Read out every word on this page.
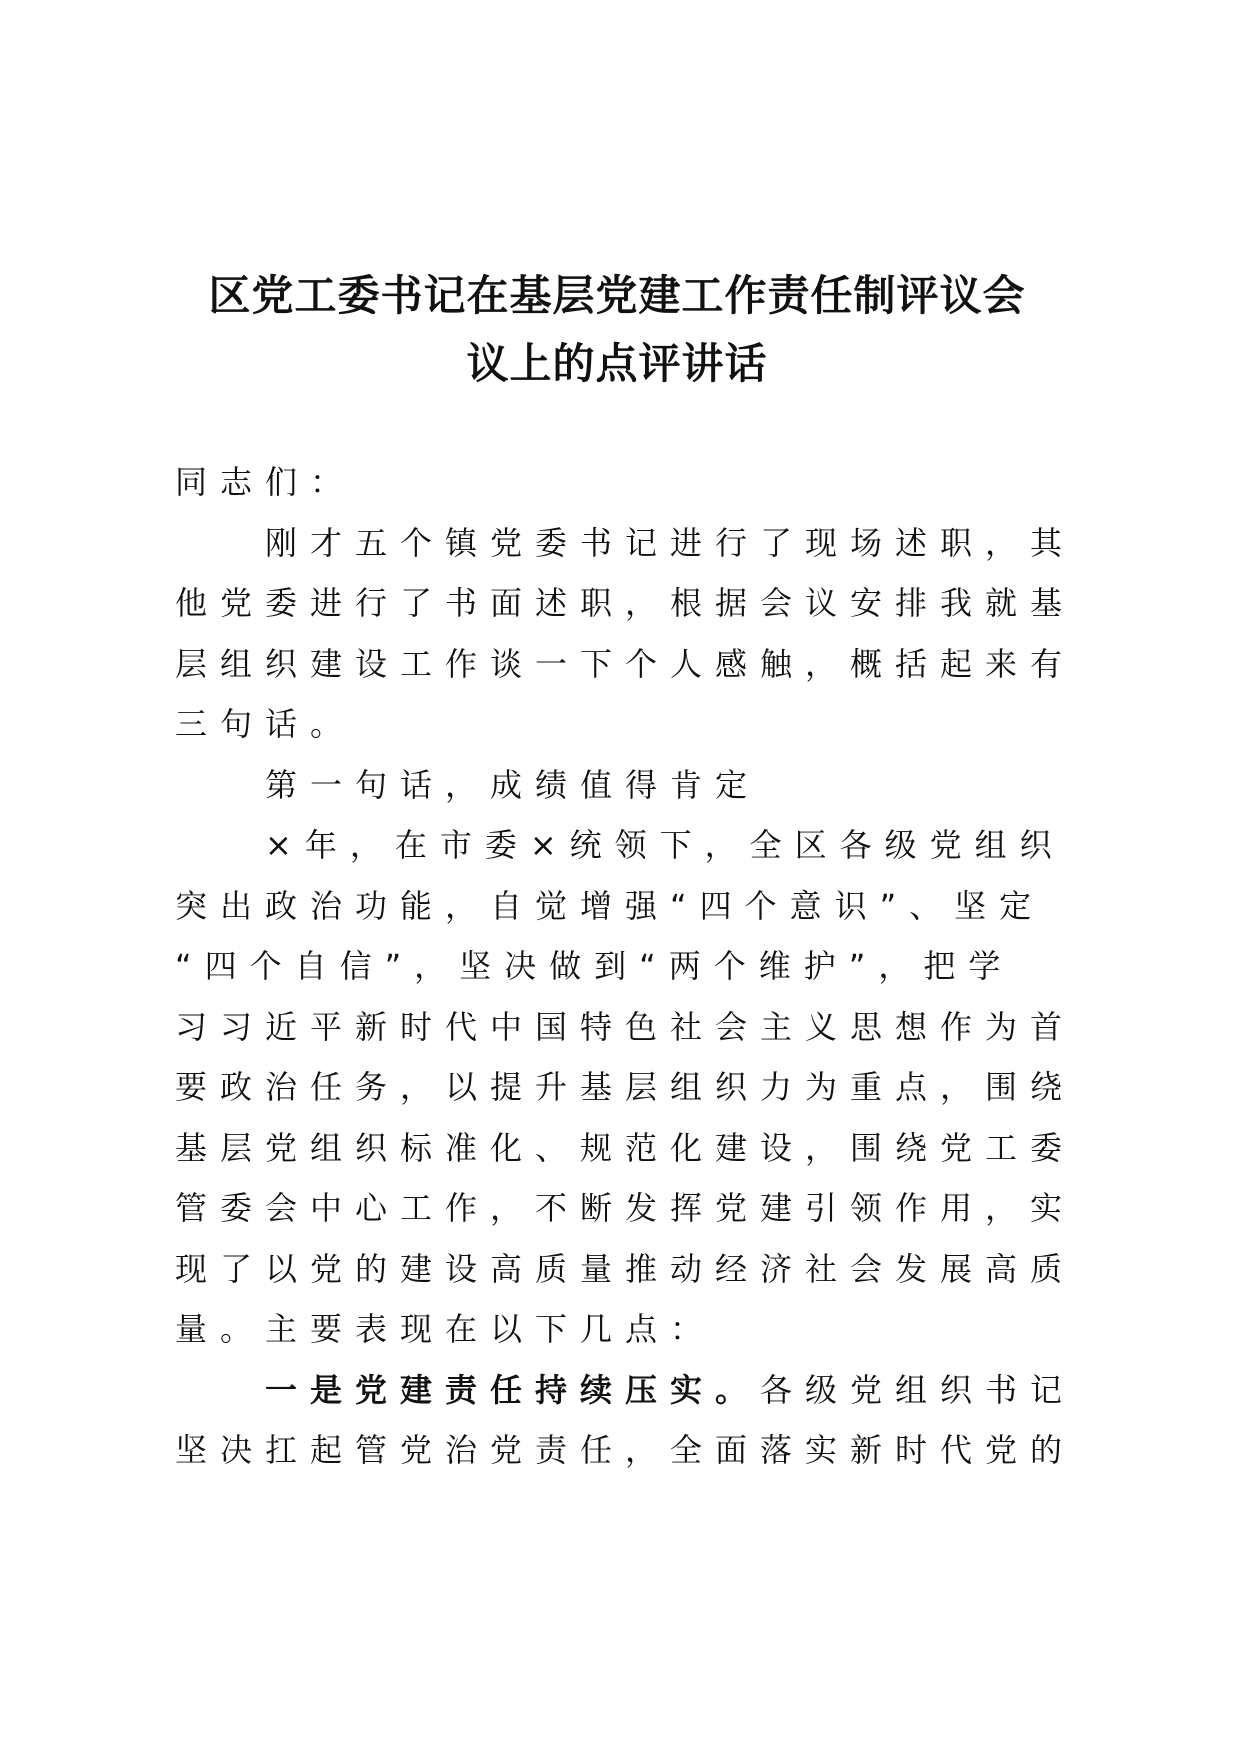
区党工委书记在基层党建工作责任制评议会
议上的点评讲话
同志们：
刚才五个镇党委书记进行了现场述职，其
他党委进行了书面述职，根据会议安排我就基
层组织建设工作谈一下个人感触，概括起来有
三句话。
第一句话，成绩值得肯定
×年，在市委×统领下，全区各级党组织
突出政治功能，自觉增强“四个意识”、坚定
“四个自信”，坚决做到“两个维护”，把学
习习近平新时代中国特色社会主义思想作为首
要政治任务，以提升基层组织力为重点，围绕
基层党组织标准化、规范化建设，围绕党工委
管委会中心工作，不断发挥党建引领作用，实
现了以党的建设高质量推动经济社会发展高质
量。主要表现在以下几点：
一是党建责任持续压实。各级党组织书记
坚决扛起管党治党责任，全面落实新时代党的
